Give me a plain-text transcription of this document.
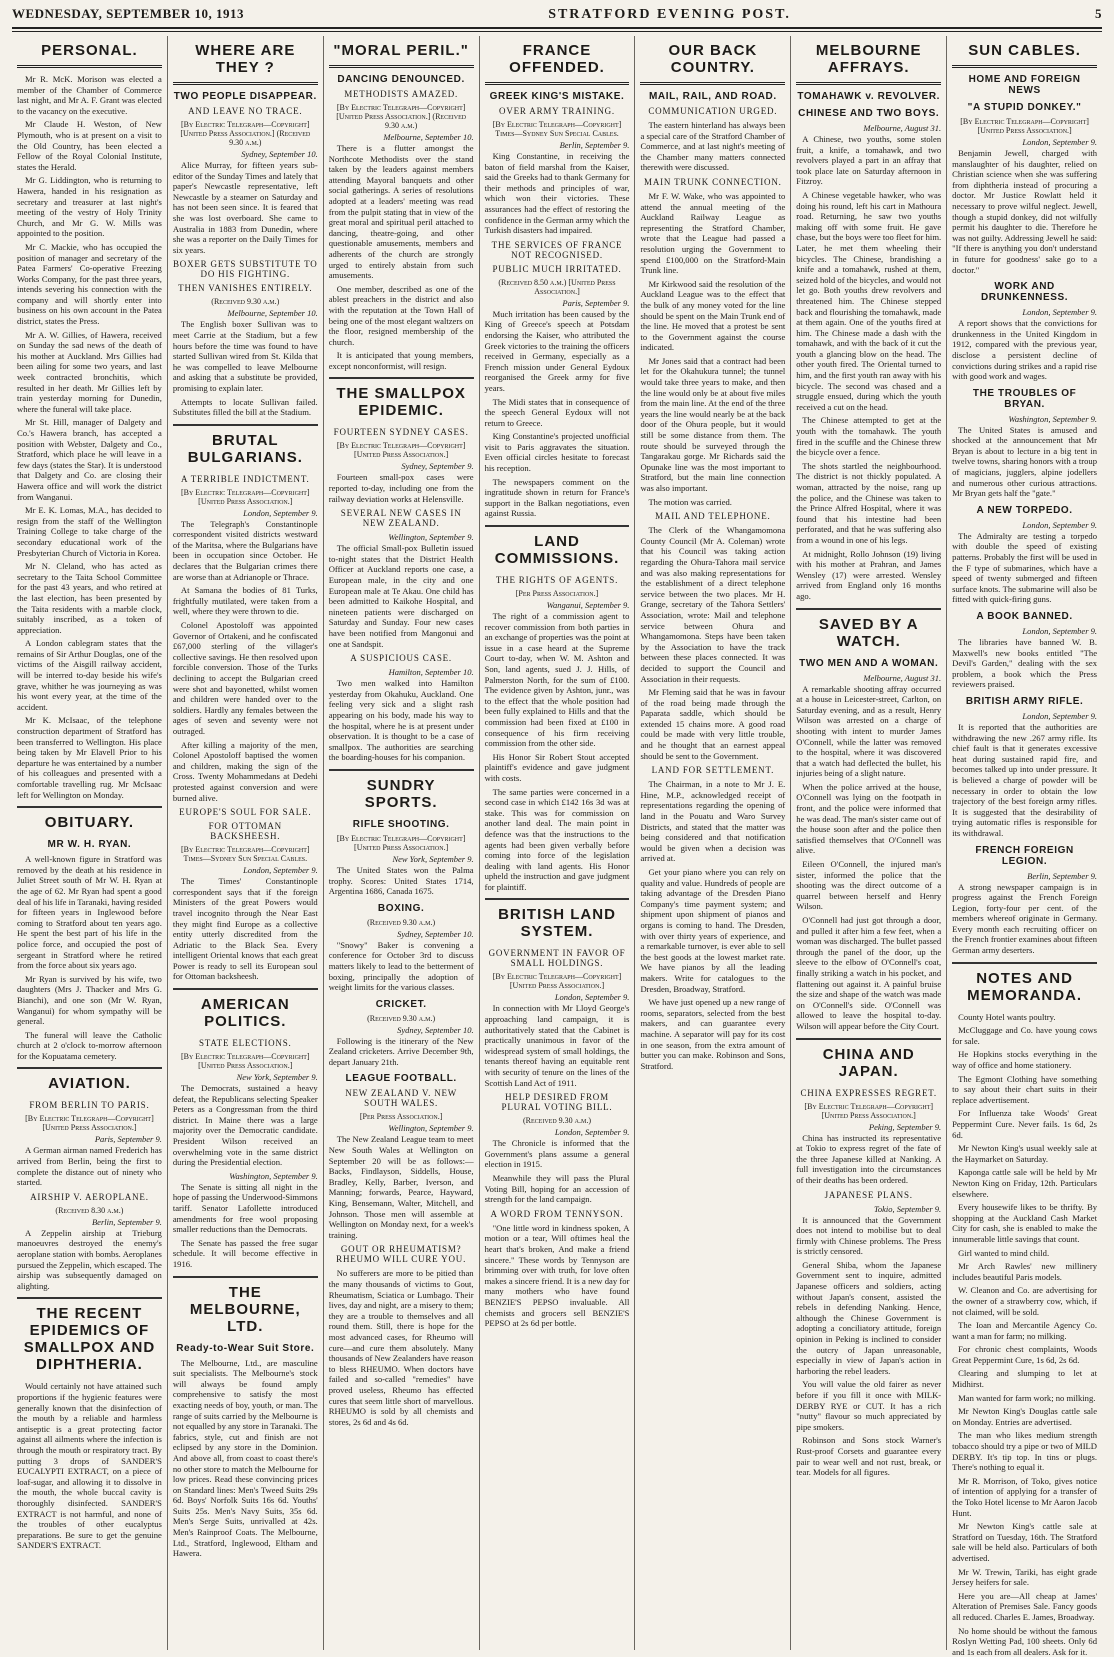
WEDNESDAY, SEPTEMBER 10, 1913	STRATFORD EVENING POST.	5
PERSONAL.

Mr R. McK. Morison was elected a member of the Chamber of Commerce last night, and Mr A. F. Grant was elected to the vacancy on the executive.

Mr Claude H. Weston, of New Plymouth, who is at present on a visit to the Old Country, has been elected a Fellow of the Royal Colonial Institute, states the Herald.

Mr G. Liddington, who is returning to Hawera, handed in his resignation as secretary and treasurer at last night's meeting of the vestry of Holy Trinity Church, and Mr G. W. Mills was appointed to the position.

Mr C. Mackie, who has occupied the position of manager and secretary of the Patea Farmers' Co-operative Freezing Works Company, for the past three years, intends severing his connection with the company and will shortly enter into business on his own account in the Patea district, states the Press.

Mr A. W. Gillies, of Hawera, received on Sunday the sad news of the death of his mother at Auckland. Mrs Gillies had been ailing for some two years, and last week contracted bronchitis, which resulted in her death. Mr Gillies left by train yesterday morning for Dunedin, where the funeral will take place.

Mr St. Hill, manager of Dalgety and Co.'s Hawera branch, has accepted a position with Webster, Dalgety and Co., Stratford, which place he will leave in a few days (states the Star). It is understood that Dalgety and Co. are closing their Hawera office and will work the district from Wanganui.

Mr E. K. Lomas, M.A., has decided to resign from the staff of the Wellington Training College to take charge of the secondary educational work of the Presbyterian Church of Victoria in Korea.

Mr N. Cleland, who has acted as secretary to the Taita School Committee for the past 43 years, and who retired at the last election, has been presented by the Taita residents with a marble clock, suitably inscribed, as a token of appreciation.

A London cablegram states that the remains of Sir Arthur Douglas, one of the victims of the Aisgill railway accident, will be interred to-day beside his wife's grave, whither he was journeying as was his wont every year, at the time of the accident.

Mr K. McIsaac, of the telephone construction department of Stratford has been transferred to Wellington. His place being taken by Mr Elavell Prior to his departure he was entertained by a number of his colleagues and presented with a comfortable travelling rug. Mr McIsaac left for Wellington on Monday.

OBITUARY.
MR W. H. RYAN.

A well-known figure in Stratford was removed by the death at his residence in Juliet Street south of Mr W. H. Ryan at the age of 62. Mr Ryan had spent a good deal of his life in Taranaki, having resided for fifteen years in Inglewood before coming to Stratford about ten years ago. He spent the best part of his life in the police force, and occupied the post of sergeant in Stratford where he retired from the force about six years ago.

Mr Ryan is survived by his wife, two daughters (Mrs J. Thacker and Mrs G. Bianchi), and one son (Mr W. Ryan, Wanganui) for whom sympathy will be general.

The funeral will leave the Catholic church at 2 o'clock to-morrow afternoon for the Kopuatama cemetery.

AVIATION.
FROM BERLIN TO PARIS.
[By Electric Telegraph—Copyright] [United Press Association.]
Paris, September 9.

A German airman named Frederich has arrived from Berlin, being the first to complete the distance out of ninety who started.

AIRSHIP V. AEROPLANE.
(Received 8.30 a.m.)
Berlin, September 9.

A Zeppelin airship at Trieburg manoeuvres destroyed the enemy's aeroplane station with bombs. Aeroplanes pursued the Zeppelin, which escaped. The airship was subsequently damaged on alighting.

THE RECENT EPIDEMICS OF SMALLPOX AND DIPHTHERIA.

Would certainly not have attained such proportions if the hygienic features were generally known that the disinfection of the mouth by a reliable and harmless antiseptic is a great protecting factor against all ailments where the infection is through the mouth or respiratory tract. By putting 3 drops of SANDER'S EUCALYPTI EXTRACT, on a piece of loaf-sugar, and allowing it to dissolve in the mouth, the whole buccal cavity is thoroughly disinfected. SANDER'S EXTRACT is not harmful, and none of the troubles of other eucalyptus preparations. Be sure to get the genuine SANDER'S EXTRACT.

WHERE ARE THEY ?
TWO PEOPLE DISAPPEAR.
AND LEAVE NO TRACE.
[By Electric Telegraph—Copyright] [United Press Association.] (Received 9.30 a.m.)
Sydney, September 10.

Alice Murray, for fifteen years sub-editor of the Sunday Times and lately that paper's Newcastle representative, left Newcastle by a steamer on Saturday and has not been seen since. It is feared that she was lost overboard. She came to Australia in 1883 from Dunedin, where she was a reporter on the Daily Times for six years.

BOXER GETS SUBSTITUTE TO DO HIS FIGHTING.
THEN VANISHES ENTIRELY.
(Received 9.30 a.m.)
Melbourne, September 10.

The English boxer Sullivan was to meet Carrie at the Stadium, but a few hours before the time was found to have started Sullivan wired from St. Kilda that he was compelled to leave Melbourne and asking that a substitute be provided, promising to explain later.

Attempts to locate Sullivan failed. Substitutes filled the bill at the Stadium.

BRUTAL BULGARIANS.
A TERRIBLE INDICTMENT.
[By Electric Telegraph—Copyright] [United Press Association.]
London, September 9.

The Telegraph's Constantinople correspondent visited districts westward of the Maritsa, where the Bulgarians have been in occupation since October. He declares that the Bulgarian crimes there are worse than at Adrianople or Thrace.

At Samana the bodies of 81 Turks, frightfully mutilated, were taken from a well, where they were thrown to die.

Colonel Apostoloff was appointed Governor of Ortakeni, and he confiscated £67,000 sterling of the villager's collective savings. He then resolved upon forcible conversion. Those of the Turks declining to accept the Bulgarian creed were shot and bayonetted, whilst women and children were handed over to the soldiers. Hardly any females between the ages of seven and seventy were not outraged.

After killing a majority of the men, Colonel Apostoloff baptised the women and children, making the sign of the Cross. Twenty Mohammedans at Dedehi protested against conversion and were burned alive.

EUROPE'S SOUL FOR SALE.
FOR OTTOMAN BACKSHEESH.
[By Electric Telegraph—Copyright] Times—Sydney Sun Special Cables.
London, September 9.

The Times' Constantinople correspondent says that if the foreign Ministers of the great Powers would travel incognito through the Near East they might find Europe as a collective entity utterly discredited from the Adriatic to the Black Sea. Every intelligent Oriental knows that each great Power is ready to sell its European soul for Ottoman backsheesh.

AMERICAN POLITICS.
STATE ELECTIONS.
[By Electric Telegraph—Copyright] [United Press Association.]
New York, September 9.

The Democrats, sustained a heavy defeat, the Republicans selecting Speaker Peters as a Congressman from the third district. In Maine there was a large majority over the Democratic candidate. President Wilson received an overwhelming vote in the same district during the Presidential election.

Washington, September 9.

The Senate is sitting all night in the hope of passing the Underwood-Simmons tariff. Senator Lafollette introduced amendments for free wool proposing smaller reductions than the Democrats.

The Senate has passed the free sugar schedule. It will become effective in 1916.

THE MELBOURNE, LTD.
Ready-to-Wear Suit Store.

The Melbourne, Ltd., are masculine suit specialists. The Melbourne's stock will always be found amply comprehensive to satisfy the most exacting needs of boy, youth, or man. The range of suits carried by the Melbourne is not equalled by any store in Taranaki. The fabrics, style, cut and finish are not eclipsed by any store in the Dominion. And above all, from coast to coast there's no other store to match the Melbourne for low prices. Read these convincing prices on Standard lines: Men's Tweed Suits 29s 6d. Boys' Norfolk Suits 16s 6d. Youths' Suits 25s. Men's Navy Suits, 35s 6d. Men's Serge Suits, unrivalled at 42s. Men's Rainproof Coats. The Melbourne, Ltd., Stratford, Inglewood, Eltham and Hawera.

"MORAL PERIL."
DANCING DENOUNCED.
METHODISTS AMAZED.
[By Electric Telegraph—Copyright] [United Press Association.] (Received 9.30 a.m.)
Melbourne, September 10.

There is a flutter amongst the Northcote Methodists over the stand taken by the leaders against members attending Mayoral banquets and other social gatherings. A series of resolutions adopted at a leaders' meeting was read from the pulpit stating that in view of the great moral and spiritual peril attached to dancing, theatre-going, and other questionable amusements, members and adherents of the church are strongly urged to entirely abstain from such amusements.

One member, described as one of the ablest preachers in the district and also with the reputation at the Town Hall of being one of the most elegant waltzers on the floor, resigned membership of the church.

It is anticipated that young members, except nonconformist, will resign.

THE SMALLPOX EPIDEMIC.
FOURTEEN SYDNEY CASES.
[By Electric Telegraph—Copyright] [United Press Association.]
Sydney, September 9.

Fourteen small-pox cases were reported to-day, including one from the railway deviation works at Helensville.

SEVERAL NEW CASES IN NEW ZEALAND.
Wellington, September 9.

The official Small-pox Bulletin issued to-night states that the District Health Officer at Auckland reports one case, a European male, in the city and one European male at Te Akau. One child has been admitted to Kaikohe Hospital, and nineteen patients were discharged on Saturday and Sunday. Four new cases have been notified from Mangonui and one at Sandspit.

A SUSPICIOUS CASE.
Hamilton, September 10.

Two men walked into Hamilton yesterday from Okahuku, Auckland. One feeling very sick and a slight rash appearing on his body, made his way to the hospital, where he is at present under observation. It is thought to be a case of smallpox. The authorities are searching the boarding-houses for his companion.

SUNDRY SPORTS.
RIFLE SHOOTING.
[By Electric Telegraph—Copyright] [United Press Association.]
New York, September 9.

The United States won the Palma trophy. Scores: United States 1714, Argentina 1686, Canada 1675.

BOXING.
(Received 9.30 a.m.)
Sydney, September 10.

"Snowy" Baker is convening a conference for October 3rd to discuss matters likely to lead to the betterment of boxing, principally the adoption of weight limits for the various classes.

CRICKET.
(Received 9.30 a.m.)
Sydney, September 10.

Following is the itinerary of the New Zealand cricketers. Arrive December 9th, depart January 21th.

LEAGUE FOOTBALL.
NEW ZEALAND V. NEW SOUTH WALES.
[Per Press Association.]
Wellington, September 9.

The New Zealand League team to meet New South Wales at Wellington on September 20 will be as follows:— Backs, Findlayson, Siddells, House, Bradley, Kelly, Barber, Iverson, and Manning; forwards, Pearce, Hayward, King, Bensemann, Walter, Mitchell, and Johnson. Those men will assemble at Wellington on Monday next, for a week's training.

GOUT OR RHEUMATISM? RHEUMO WILL CURE YOU.

No sufferers are more to be pitied than the many thousands of victims to Gout, Rheumatism, Sciatica or Lumbago. Their lives, day and night, are a misery to them; they are a trouble to themselves and all round them. Still, there is hope for the most advanced cases, for Rheumo will cure—and cure them absolutely. Many thousands of New Zealanders have reason to bless RHEUMO. When doctors have failed and so-called "remedies" have proved useless, Rheumo has effected cures that seem little short of marvellous. RHEUMO is sold by all chemists and stores, 2s 6d and 4s 6d.

FRANCE OFFENDED.
GREEK KING'S MISTAKE.
OVER ARMY TRAINING.
[By Electric Telegraph—Copyright] Times—Sydney Sun Special Cables.
Berlin, September 9.

King Constantine, in receiving the baton of field marshal from the Kaiser, said the Greeks had to thank Germany for their methods and principles of war, which won their victories. These assurances had the effect of restoring the confidence in the German army which the Turkish disasters had impaired.

THE SERVICES OF FRANCE NOT RECOGNISED.
PUBLIC MUCH IRRITATED.
(Received 8.50 a.m.) [United Press Association.]
Paris, September 9.

Much irritation has been caused by the King of Greece's speech at Potsdam endorsing the Kaiser, who attributed the Greek victories to the training the officers received in Germany, especially as a French mission under General Eydoux reorganised the Greek army for five years.

The Midi states that in consequence of the speech General Eydoux will not return to Greece.

King Constantine's projected unofficial visit to Paris aggravates the situation. Even official circles hesitate to forecast his reception.

The newspapers comment on the ingratitude shown in return for France's support in the Balkan negotiations, even against Russia.

LAND COMMISSIONS.
THE RIGHTS OF AGENTS.
[Per Press Association.]
Wanganui, September 9.

The right of a commission agent to recover commission from both parties in an exchange of properties was the point at issue in a case heard at the Supreme Court to-day, when W. M. Ashton and Son, land agents, sued J. J. Hills, of Palmerston North, for the sum of £100. The evidence given by Ashton, junr., was to the effect that the whole position had been fully explained to Hills and that the commission had been fixed at £100 in consequence of his firm receiving commission from the other side.

His Honor Sir Robert Stout accepted plaintiff's evidence and gave judgment with costs.

The same parties were concerned in a second case in which £142 16s 3d was at stake. This was for commission on another land deal. The main point in defence was that the instructions to the agents had been given verbally before coming into force of the legislation dealing with land agents. His Honor upheld the instruction and gave judgment for plaintiff.

BRITISH LAND SYSTEM.
GOVERNMENT IN FAVOR OF SMALL HOLDINGS.
[By Electric Telegraph—Copyright] [United Press Association.]
London, September 9.

In connection with Mr Lloyd George's approaching land campaign, it is authoritatively stated that the Cabinet is practically unanimous in favor of the widespread system of small holdings, the tenants thereof having an equitable rent with security of tenure on the lines of the Scottish Land Act of 1911.

HELP DESIRED FROM PLURAL VOTING BILL.
(Received 9.30 a.m.)
London, September 9.

The Chronicle is informed that the Government's plans assume a general election in 1915.

Meanwhile they will pass the Plural Voting Bill, hoping for an accession of strength for the land campaign.

A WORD FROM TENNYSON.

"One little word in kindness spoken, A motion or a tear, Will oftimes heal the heart that's broken, And make a friend sincere." These words by Tennyson are brimming over with truth, for love often makes a sincere friend. It is a new day for many mothers who have found BENZIE'S PEPSO invaluable. All chemists and grocers sell BENZIE'S PEPSO at 2s 6d per bottle.

OUR BACK COUNTRY.
MAIL, RAIL, AND ROAD.
COMMUNICATION URGED.

The eastern hinterland has always been a special care of the Stratford Chamber of Commerce, and at last night's meeting of the Chamber many matters connected therewith were discussed.

MAIN TRUNK CONNECTION.

Mr F. W. Wake, who was appointed to attend the annual meeting of the Auckland Railway League as representing the Stratford Chamber, wrote that the League had passed a resolution urging the Government to spend £100,000 on the Stratford-Main Trunk line.

Mr Kirkwood said the resolution of the Auckland League was to the effect that the bulk of any money voted for the line should be spent on the Main Trunk end of the line. He moved that a protest be sent to the Government against the course indicated.

Mr Jones said that a contract had been let for the Okahukura tunnel; the tunnel would take three years to make, and then the line would only be at about five miles from the main line. At the end of the three years the line would nearly be at the back door of the Ohura people, but it would still be some distance from them. The route should be surveyed through the Tangarakau gorge. Mr Richards said the Opunake line was the most important to Stratford, but the main line connection was also important.

The motion was carried.

MAIL AND TELEPHONE.

The Clerk of the Whangamomona County Council (Mr A. Coleman) wrote that his Council was taking action regarding the Ohura-Tahora mail service and was also making representations for the establishment of a direct telephone service between the two places. Mr H. Grange, secretary of the Tahora Settlers' Association, wrote: Mail and telephone service between Ohura and Whangamomona. Steps have been taken by the Association to have the track between these places connected. It was decided to support the Council and Association in their requests.

Mr Fleming said that he was in favour of the road being made through the Paparata saddle, which should be extended 15 chains more. A good road could be made with very little trouble, and he thought that an earnest appeal should be sent to the Government.

LAND FOR SETTLEMENT.

The Chairman, in a note to Mr J. E. Hine, M.P., acknowledged receipt of representations regarding the opening of land in the Pouatu and Waro Survey Districts, and stated that the matter was being considered and that notification would be given when a decision was arrived at.

Get your piano where you can rely on quality and value. Hundreds of people are taking advantage of the Dresden Piano Company's time payment system; and shipment upon shipment of pianos and organs is coming to hand. The Dresden, with over thirty years of experience, and a remarkable turnover, is ever able to sell the best goods at the lowest market rate. We have pianos by all the leading makers. Write for catalogues to the Dresden, Broadway, Stratford.

We have just opened up a new range of rooms, separators, selected from the best makers, and can guarantee every machine. A separator will pay for its cost in one season, from the extra amount of butter you can make. Robinson and Sons, Stratford.

MELBOURNE AFFRAYS.
TOMAHAWK v. REVOLVER.
CHINESE AND TWO BOYS.
Melbourne, August 31.

A Chinese, two youths, some stolen fruit, a knife, a tomahawk, and two revolvers played a part in an affray that took place late on Saturday afternoon in Fitzroy.

A Chinese vegetable hawker, who was doing his round, left his cart in Mathoura road. Returning, he saw two youths making off with some fruit. He gave chase, but the boys were too fleet for him. Later, he met them wheeling their bicycles. The Chinese, brandishing a knife and a tomahawk, rushed at them, seized hold of the bicycles, and would not let go. Both youths drew revolvers and threatened him. The Chinese stepped back and flourishing the tomahawk, made at them again. One of the youths fired at him. The Chinese made a dash with the tomahawk, and with the back of it cut the youth a glancing blow on the head. The other youth fired. The Oriental turned to him, and the first youth ran away with his bicycle. The second was chased and a struggle ensued, during which the youth received a cut on the head.

The Chinese attempted to get at the youth with the tomahawk. The youth fired in the scuffle and the Chinese threw the bicycle over a fence.

The shots startled the neighbourhood. The district is not thickly populated. A woman, attracted by the noise, rang up the police, and the Chinese was taken to the Prince Alfred Hospital, where it was found that his intestine had been perforated, and that he was suffering also from a wound in one of his legs.

At midnight, Rollo Johnson (19) living with his mother at Prahran, and James Wensley (17) were arrested. Wensley arrived from England only 16 months ago.

SAVED BY A WATCH.
TWO MEN AND A WOMAN.
Melbourne, August 31.

A remarkable shooting affray occurred at a house in Leicester-street, Carlton, on Saturday evening, and as a result, Henry Wilson was arrested on a charge of shooting with intent to murder James O'Connell, while the latter was removed to the hospital, where it was discovered that a watch had deflected the bullet, his injuries being of a slight nature.

When the police arrived at the house, O'Connell was lying on the footpath in front, and the police were informed that he was dead. The man's sister came out of the house soon after and the police then satisfied themselves that O'Connell was alive.

Eileen O'Connell, the injured man's sister, informed the police that the shooting was the direct outcome of a quarrel between herself and Henry Wilson.

O'Connell had just got through a door, and pulled it after him a few feet, when a woman was discharged. The bullet passed through the panel of the door, up the sleeve to the elbow of O'Connell's coat, finally striking a watch in his pocket, and flattening out against it. A painful bruise the size and shape of the watch was made on O'Connell's side. O'Connell was allowed to leave the hospital to-day. Wilson will appear before the City Court.

CHINA AND JAPAN.
CHINA EXPRESSES REGRET.
[By Electric Telegraph—Copyright] [United Press Association.]
Peking, September 9.

China has instructed its representative at Tokio to express regret of the fate of the three Japanese killed at Nanking. A full investigation into the circumstances of their deaths has been ordered.

JAPANESE PLANS.
Tokio, September 9.

It is announced that the Government does not intend to mobilise but to deal firmly with Chinese problems. The Press is strictly censored.

General Shiba, whom the Japanese Government sent to inquire, admitted Japanese officers and soldiers, acting without Japan's consent, assisted the rebels in defending Nanking. Hence, although the Chinese Government is adopting a conciliatory attitude, foreign opinion in Peking is inclined to consider the outcry of Japan unreasonable, especially in view of Japan's action in harboring the rebel leaders.

You will value the old fairer as never before if you fill it once with MILK-DERBY RYE or CUT. It has a rich "nutty" flavour so much appreciated by pipe smokers.

Robinson and Sons stock Warner's Rust-proof Corsets and guarantee every pair to wear well and not rust, break, or tear. Models for all figures.

SUN CABLES.
HOME AND FOREIGN NEWS
"A STUPID DONKEY."
[By Electric Telegraph—Copyright] [United Press Association.]
London, September 9.

Benjamin Jewell, charged with manslaughter of his daughter, relied on Christian science when she was suffering from diphtheria instead of procuring a doctor. Mr Justice Rowlatt held it necessary to prove wilful neglect. Jewell, though a stupid donkey, did not wilfully permit his daughter to die. Therefore he was not guilty. Addressing Jewell he said: "If there is anything you don't understand in future for goodness' sake go to a doctor."

WORK AND DRUNKENNESS.
London, September 9.

A report shows that the convictions for drunkenness in the United Kingdom in 1912, compared with the previous year, disclose a persistent decline of convictions during strikes and a rapid rise with good work and wages.

THE TROUBLES OF BRYAN.
Washington, September 9.

The United States is amused and shocked at the announcement that Mr Bryan is about to lecture in a big tent in twelve towns, sharing honors with a troup of magicians, jugglers, alpine jodellers and numerous other curious attractions. Mr Bryan gets half the "gate."

A NEW TORPEDO.
London, September 9.

The Admiralty are testing a torpedo with double the speed of existing patterns. Probably the first will be used in the F type of submarines, which have a speed of twenty submerged and fifteen surface knots. The submarine will also be fitted with quick-firing guns.

A BOOK BANNED.
London, September 9.

The libraries have banned W. B. Maxwell's new books entitled "The Devil's Garden," dealing with the sex problem, a book which the Press reviewers praised.

BRITISH ARMY RIFLE.
London, September 9.

It is reported that the authorities are withdrawing the new .267 army rifle. Its chief fault is that it generates excessive heat during sustained rapid fire, and becomes talked up into under pressure. It is believed a charge of powder will be necessary in order to obtain the low trajectory of the best foreign army rifles. It is suggested that the desirability of trying automatic rifles is responsible for its withdrawal.

FRENCH FOREIGN LEGION.
Berlin, September 9.

A strong newspaper campaign is in progress against the French Foreign Legion, forty-four per cent. of the members whereof originate in Germany. Every month each recruiting officer on the French frontier examines about fifteen German army deserters.

NOTES AND MEMORANDA.

County Hotel wants poultry.

McCluggage and Co. have young cows for sale.

He Hopkins stocks everything in the way of office and home stationery.

The Egmont Clothing have something to say about their chart suits in their replace advertisement.

For Influenza take Woods' Great Peppermint Cure. Never fails. 1s 6d, 2s 6d.

Mr Newton King's usual weekly sale at the Haymarket on Saturday.

Kaponga cattle sale will be held by Mr Newton King on Friday, 12th. Particulars elsewhere.

Every housewife likes to be thrifty. By shopping at the Auckland Cash Market City for cash, she is enabled to make the innumerable little savings that count.

Girl wanted to mind child.

Mr Arch Rawles' new millinery includes beautiful Paris models.

W. Cleanon and Co. are advertising for the owner of a strawberry cow, which, if not claimed, will be sold.

The Ioan and Mercantile Agency Co. want a man for farm; no milking.

For chronic chest complaints, Woods Great Peppermint Cure, 1s 6d, 2s 6d.

Clearing and slumping to let at Midhirst.

Man wanted for farm work; no milking.

Mr Newton King's Douglas cattle sale on Monday. Entries are advertised.

The man who likes medium strength tobacco should try a pipe or two of MILD DERBY. It's tip top. In tins or plugs. There's nothing to equal it.

Mr R. Morrison, of Toko, gives notice of intention of applying for a transfer of the Toko Hotel license to Mr Aaron Jacob Hunt.

Mr Newton King's cattle sale at Stratford on Tuesday, 16th. The Stratford sale will be held also. Particulars of both advertised.

Mr W. Trewin, Tariki, has eight grade Jersey heifers for sale.

Here you are—All cheap at James' Alteration of Premises Sale. Fancy goods all reduced. Charles E. James, Broadway.

No home should be without the famous Roslyn Wetting Pad, 100 sheets. Only 6d and 1s each from all dealers. Ask for it.
